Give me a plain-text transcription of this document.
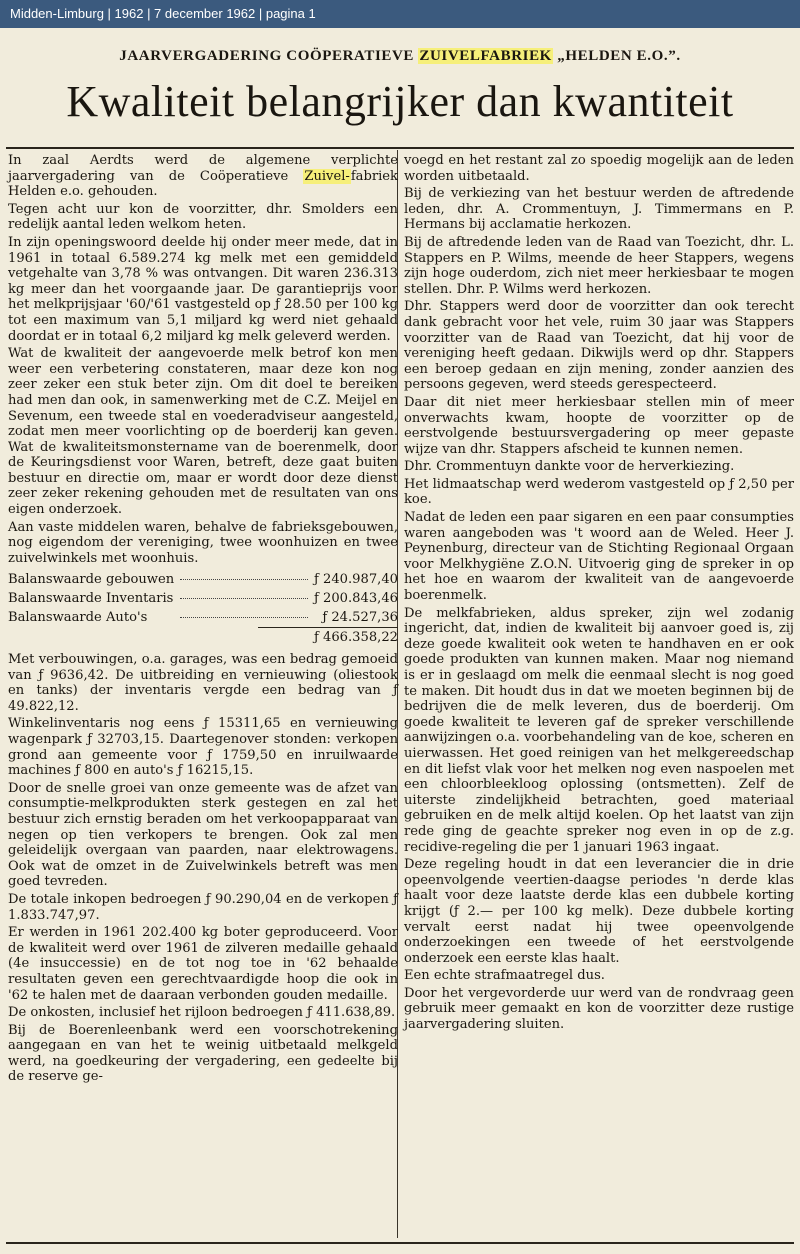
Midden-Limburg | 1962 | 7 december 1962 | pagina 1
JAARVERGADERING COÖPERATIEVE ZUIVELFABRIEK „HELDEN E.O.”.
Kwaliteit belangrijker dan kwantiteit

In zaal Aerdts werd de algemene verplichte jaarvergadering van de Coöperatieve Zuivel-fabriek Helden e.o. gehouden.

Tegen acht uur kon de voorzitter, dhr. Smolders een redelijk aantal leden welkom heten.

In zijn openingswoord deelde hij onder meer mede, dat in 1961 in totaal 6.589.274 kg melk met een gemiddeld vetgehalte van 3,78 % was ontvangen. Dit waren 236.313 kg meer dan het voorgaande jaar. De garantieprijs voor het melkprijsjaar '60/'61 vastgesteld op ƒ 28.50 per 100 kg tot een maximum van 5,1 miljard kg werd niet gehaald doordat er in totaal 6,2 miljard kg melk geleverd werden.

Wat de kwaliteit der aangevoerde melk betrof kon men weer een verbetering constateren, maar deze kon nog zeer zeker een stuk beter zijn. Om dit doel te bereiken had men dan ook, in samenwerking met de C.Z. Meijel en Sevenum, een tweede stal en voederadviseur aangesteld, zodat men meer voorlichting op de boerderij kan geven. Wat de kwaliteitsmonstername van de boerenmelk, door de Keuringsdienst voor Waren, betreft, deze gaat buiten bestuur en directie om, maar er wordt door deze dienst zeer zeker rekening gehouden met de resultaten van ons eigen onderzoek.

Aan vaste middelen waren, behalve de fabrieksgebouwen, nog eigendom der vereniging, twee woonhuizen en twee zuivelwinkels met woonhuis.

Balanswaarde gebouwen		ƒ 240.987,40
Balanswaarde Inventaris		ƒ 200.843,46
Balanswaarde Auto's		ƒ 24.527,36
ƒ 466.358,22

Met verbouwingen, o.a. garages, was een bedrag gemoeid van ƒ 9636,42. De uitbreiding en vernieuwing (oliestook en tanks) der inventaris vergde een bedrag van ƒ 49.822,12.

Winkelinventaris nog eens ƒ 15311,65 en vernieuwing wagenpark ƒ 32703,15. Daartegenover stonden: verkopen grond aan gemeente voor ƒ 1759,50 en inruilwaarde machines ƒ 800 en auto's ƒ 16215,15.

Door de snelle groei van onze gemeente was de afzet van consumptie-melkprodukten sterk gestegen en zal het bestuur zich ernstig beraden om het verkoopapparaat van negen op tien verkopers te brengen. Ook zal men geleidelijk overgaan van paarden, naar elektrowagens. Ook wat de omzet in de Zuivelwinkels betreft was men goed tevreden.

De totale inkopen bedroegen ƒ 90.290,04 en de verkopen ƒ 1.833.747,97.

Er werden in 1961 202.400 kg boter geproduceerd. Voor de kwaliteit werd over 1961 de zilveren medaille gehaald (4e insuccessie) en de tot nog toe in '62 behaalde resultaten geven een gerechtvaardigde hoop die ook in '62 te halen met de daaraan verbonden gouden medaille.

De onkosten, inclusief het rijloon bedroegen ƒ 411.638,89.

Bij de Boerenleenbank werd een voorschotrekening aangegaan en van het te weinig uitbetaald melkgeld werd, na goedkeuring der vergadering, een gedeelte bij de reserve ge-

voegd en het restant zal zo spoedig mogelijk aan de leden worden uitbetaald.

Bij de verkiezing van het bestuur werden de aftredende leden, dhr. A. Crommentuyn, J. Timmermans en P. Hermans bij acclamatie herkozen.

Bij de aftredende leden van de Raad van Toezicht, dhr. L. Stappers en P. Wilms, meende de heer Stappers, wegens zijn hoge ouderdom, zich niet meer herkiesbaar te mogen stellen. Dhr. P. Wilms werd herkozen.

Dhr. Stappers werd door de voorzitter dan ook terecht dank gebracht voor het vele, ruim 30 jaar was Stappers voorzitter van de Raad van Toezicht, dat hij voor de vereniging heeft gedaan. Dikwijls werd op dhr. Stappers een beroep gedaan en zijn mening, zonder aanzien des persoons gegeven, werd steeds gerespecteerd.

Daar dit niet meer herkiesbaar stellen min of meer onverwachts kwam, hoopte de voorzitter op de eerstvolgende bestuursvergadering op meer gepaste wijze van dhr. Stappers afscheid te kunnen nemen.

Dhr. Crommentuyn dankte voor de herverkiezing.

Het lidmaatschap werd wederom vastgesteld op ƒ 2,50 per koe.

Nadat de leden een paar sigaren en een paar consumpties waren aangeboden was 't woord aan de Weled. Heer J. Peynenburg, directeur van de Stichting Regionaal Orgaan voor Melkhygiëne Z.O.N. Uitvoerig ging de spreker in op het hoe en waarom der kwaliteit van de aangevoerde boerenmelk.

De melkfabrieken, aldus spreker, zijn wel zodanig ingericht, dat, indien de kwaliteit bij aanvoer goed is, zij deze goede kwaliteit ook weten te handhaven en er ook goede produkten van kunnen maken. Maar nog niemand is er in geslaagd om melk die eenmaal slecht is nog goed te maken. Dit houdt dus in dat we moeten beginnen bij de bedrijven die de melk leveren, dus de boerderij. Om goede kwaliteit te leveren gaf de spreker verschillende aanwijzingen o.a. voorbehandeling van de koe, scheren en uierwassen. Het goed reinigen van het melkgereedschap en dit liefst vlak voor het melken nog even naspoelen met een chloorbleekloog oplossing (ontsmetten). Zelf de uiterste zindelijkheid betrachten, goed materiaal gebruiken en de melk altijd koelen. Op het laatst van zijn rede ging de geachte spreker nog even in op de z.g. recidive-regeling die per 1 januari 1963 ingaat.

Deze regeling houdt in dat een leverancier die in drie opeenvolgende veertien-daagse periodes 'n derde klas haalt voor deze laatste derde klas een dubbele korting krijgt (ƒ 2.— per 100 kg melk). Deze dubbele korting vervalt eerst nadat hij twee opeenvolgende onderzoekingen een tweede of het eerstvolgende onderzoek een eerste klas haalt.

Een echte strafmaatregel dus.

Door het vergevorderde uur werd van de rondvraag geen gebruik meer gemaakt en kon de voorzitter deze rustige jaarvergadering sluiten.
